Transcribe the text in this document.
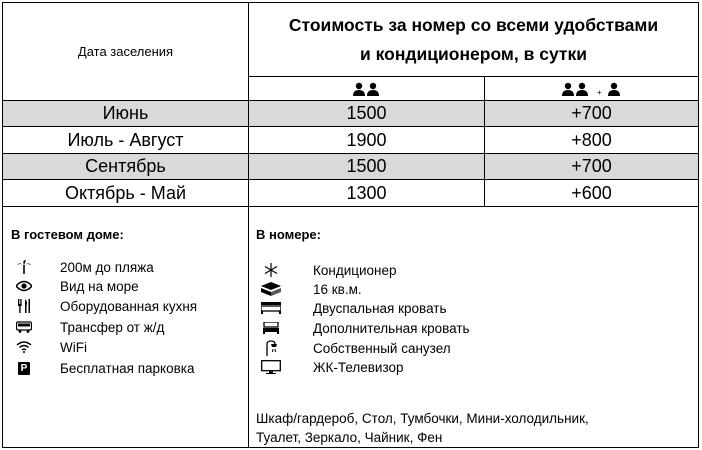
Дата заселения
Стоимость за номер со всеми удобствами
и кондиционером, в сутки
+
Июнь	1500	+700
Июль - Август	1900	+800
Сентябрь	1500	+700
Октябрь - Май	1300	+600
В гостевом доме:
200м до пляжа
Вид на море
Оборудованная кухня
Трансфер от ж/д
WiFi
P Бесплатная парковка
В номере:
Кондиционер
16 кв.м.
Двуспальная кровать
Дополнительная кровать
Собственный санузел
ЖК-Телевизор
Шкаф/гардероб, Стол, Тумбочки, Мини-холодильник,
Туалет, Зеркало, Чайник, Фен
